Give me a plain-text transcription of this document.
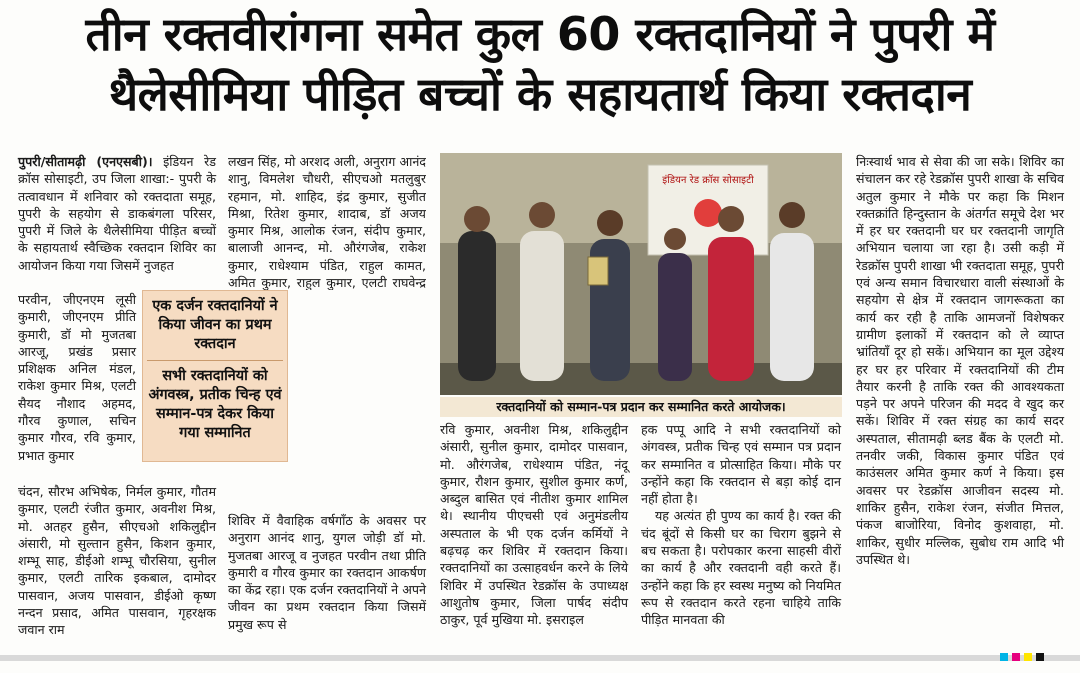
तीन रक्तवीरांगना समेत कुल 60 रक्तदानियों ने पुपरी में
थैलेसीमिया पीड़ित बच्चों के सहायतार्थ किया रक्तदान

पुपरी/सीतामढ़ी (एनएसबी)। इंडियन रेड क्रॉस सोसाइटी, उप जिला शाखा:- पुपरी के तत्वावधान में शनिवार को रक्तदाता समूह, पुपरी के सहयोग से डाकबंगला परिसर, पुपरी में जिले के थैलेसीमिया पीड़ित बच्चों के सहायतार्थ स्वैच्छिक रक्तदान शिविर का आयोजन किया गया जिसमें नुजहत

परवीन, जीएनएम लूसी कुमारी, जीएनएम प्रीति कुमारी, डॉ मो मुजतबा आरजू, प्रखंड प्रसार प्रशिक्षक अनिल मंडल, राकेश कुमार मिश्र, एलटी सैयद नौशाद अहमद, गौरव कुणाल, सचिन कुमार गौरव, रवि कुमार, प्रभात कुमार

चंदन, सौरभ अभिषेक, निर्मल कुमार, गौतम कुमार, एलटी रंजीत कुमार, अवनीश मिश्र, मो. अतहर हुसैन, सीएचओ शकिलुद्दीन अंसारी, मो सुल्तान हुसैन, किशन कुमार, शम्भू साह, डीईओ शम्भू चौरसिया, सुनील कुमार, एलटी तारिक इकबाल, दामोदर पासवान, अजय पासवान, डीईओ कृष्ण नन्दन प्रसाद, अमित पासवान, गृहरक्षक जवान राम

लखन सिंह, मो अरशद अली, अनुराग आनंद शानु, विमलेश चौधरी, सीएचओ मतलुबुर रहमान, मो. शाहिद, इंद्र कुमार, सुजीत मिश्रा, रितेश कुमार, शादाब, डॉ अजय कुमार मिश्र, आलोक रंजन, संदीप कुमार, बालाजी आनन्द, मो. औरंगजेब, राकेश कुमार, राधेश्याम पंडित, राहुल कामत, अमित कुमार, राहुल कुमार, एलटी राघवेन्द्र

शिविर में वैवाहिक वर्षगाँठ के अवसर पर अनुराग आनंद शानु, युगल जोड़ी डॉ मो. मुजतबा आरजू व नुजहत परवीन तथा प्रीति कुमारी व गौरव कुमार का रक्तदान आकर्षण का केंद्र रहा। एक दर्जन रक्तदानियों ने अपने जीवन का प्रथम रक्तदान किया जिसमें प्रमुख रूप से

एक दर्जन रक्तदानियों ने किया जीवन का प्रथम रक्तदान

सभी रक्तदानियों को अंगवस्त्र, प्रतीक चिन्ह एवं सम्मान-पत्र देकर किया गया सम्मानित

इंडियन रेड क्रॉस सोसाइटी
रक्तदानियों को सम्मान-पत्र प्रदान कर सम्मानित करते आयोजक।

रवि कुमार, अवनीश मिश्र, शकिलुद्दीन अंसारी, सुनील कुमार, दामोदर पासवान, मो. औरंगजेब, राधेश्याम पंडित, नंदू कुमार, रौशन कुमार, सुशील कुमार कर्ण, अब्दुल बासित एवं नीतीश कुमार शामिल थे। स्थानीय पीएचसी एवं अनुमंडलीय अस्पताल के भी एक दर्जन कर्मियों ने बढ़चढ़ कर शिविर में रक्तदान किया। रक्तदानियों का उत्साहवर्धन करने के लिये शिविर में उपस्थित रेडक्रॉस के उपाध्यक्ष आशुतोष कुमार, जिला पार्षद संदीप ठाकुर, पूर्व मुखिया मो. इसराइल

हक पप्पू आदि ने सभी रक्तदानियों को अंगवस्त्र, प्रतीक चिन्ह एवं सम्मान पत्र प्रदान कर सम्मानित व प्रोत्साहित किया। मौके पर उन्होंने कहा कि रक्तदान से बड़ा कोई दान नहीं होता है।

यह अत्यंत ही पुण्य का कार्य है। रक्त की चंद बूंदों से किसी घर का चिराग बुझने से बच सकता है। परोपकार करना साहसी वीरों का कार्य है और रक्तदानी वही करते हैं। उन्होंने कहा कि हर स्वस्थ मनुष्य को नियमित रूप से रक्तदान करते रहना चाहिये ताकि पीड़ित मानवता की

निःस्वार्थ भाव से सेवा की जा सके। शिविर का संचालन कर रहे रेडक्रॉस पुपरी शाखा के सचिव अतुल कुमार ने मौके पर कहा कि मिशन रक्तक्रांति हिन्दुस्तान के अंतर्गत समूचे देश भर में हर घर रक्तदानी घर घर रक्तदानी जागृति अभियान चलाया जा रहा है। उसी कड़ी में रेडक्रॉस पुपरी शाखा भी रक्तदाता समूह, पुपरी एवं अन्य समान विचारधारा वाली संस्थाओं के सहयोग से क्षेत्र में रक्तदान जागरूकता का कार्य कर रही है ताकि आमजनों विशेषकर ग्रामीण इलाकों में रक्तदान को ले व्याप्त भ्रांतियाँ दूर हो सकें। अभियान का मूल उद्देश्य हर घर हर परिवार में रक्तदानियों की टीम तैयार करनी है ताकि रक्त की आवश्यकता पड़ने पर अपने परिजन की मदद वे खुद कर सकें। शिविर में रक्त संग्रह का कार्य सदर अस्पताल, सीतामढ़ी ब्लड बैंक के एलटी मो. तनवीर जकी, विकास कुमार पंडित एवं काउंसलर अमित कुमार कर्ण ने किया। इस अवसर पर रेडक्रॉस आजीवन सदस्य मो. शाकिर हुसैन, राकेश रंजन, संजीत मित्तल, पंकज बाजोरिया, विनोद कुशवाहा, मो. शाकिर, सुधीर मल्लिक, सुबोध राम आदि भी उपस्थित थे।
